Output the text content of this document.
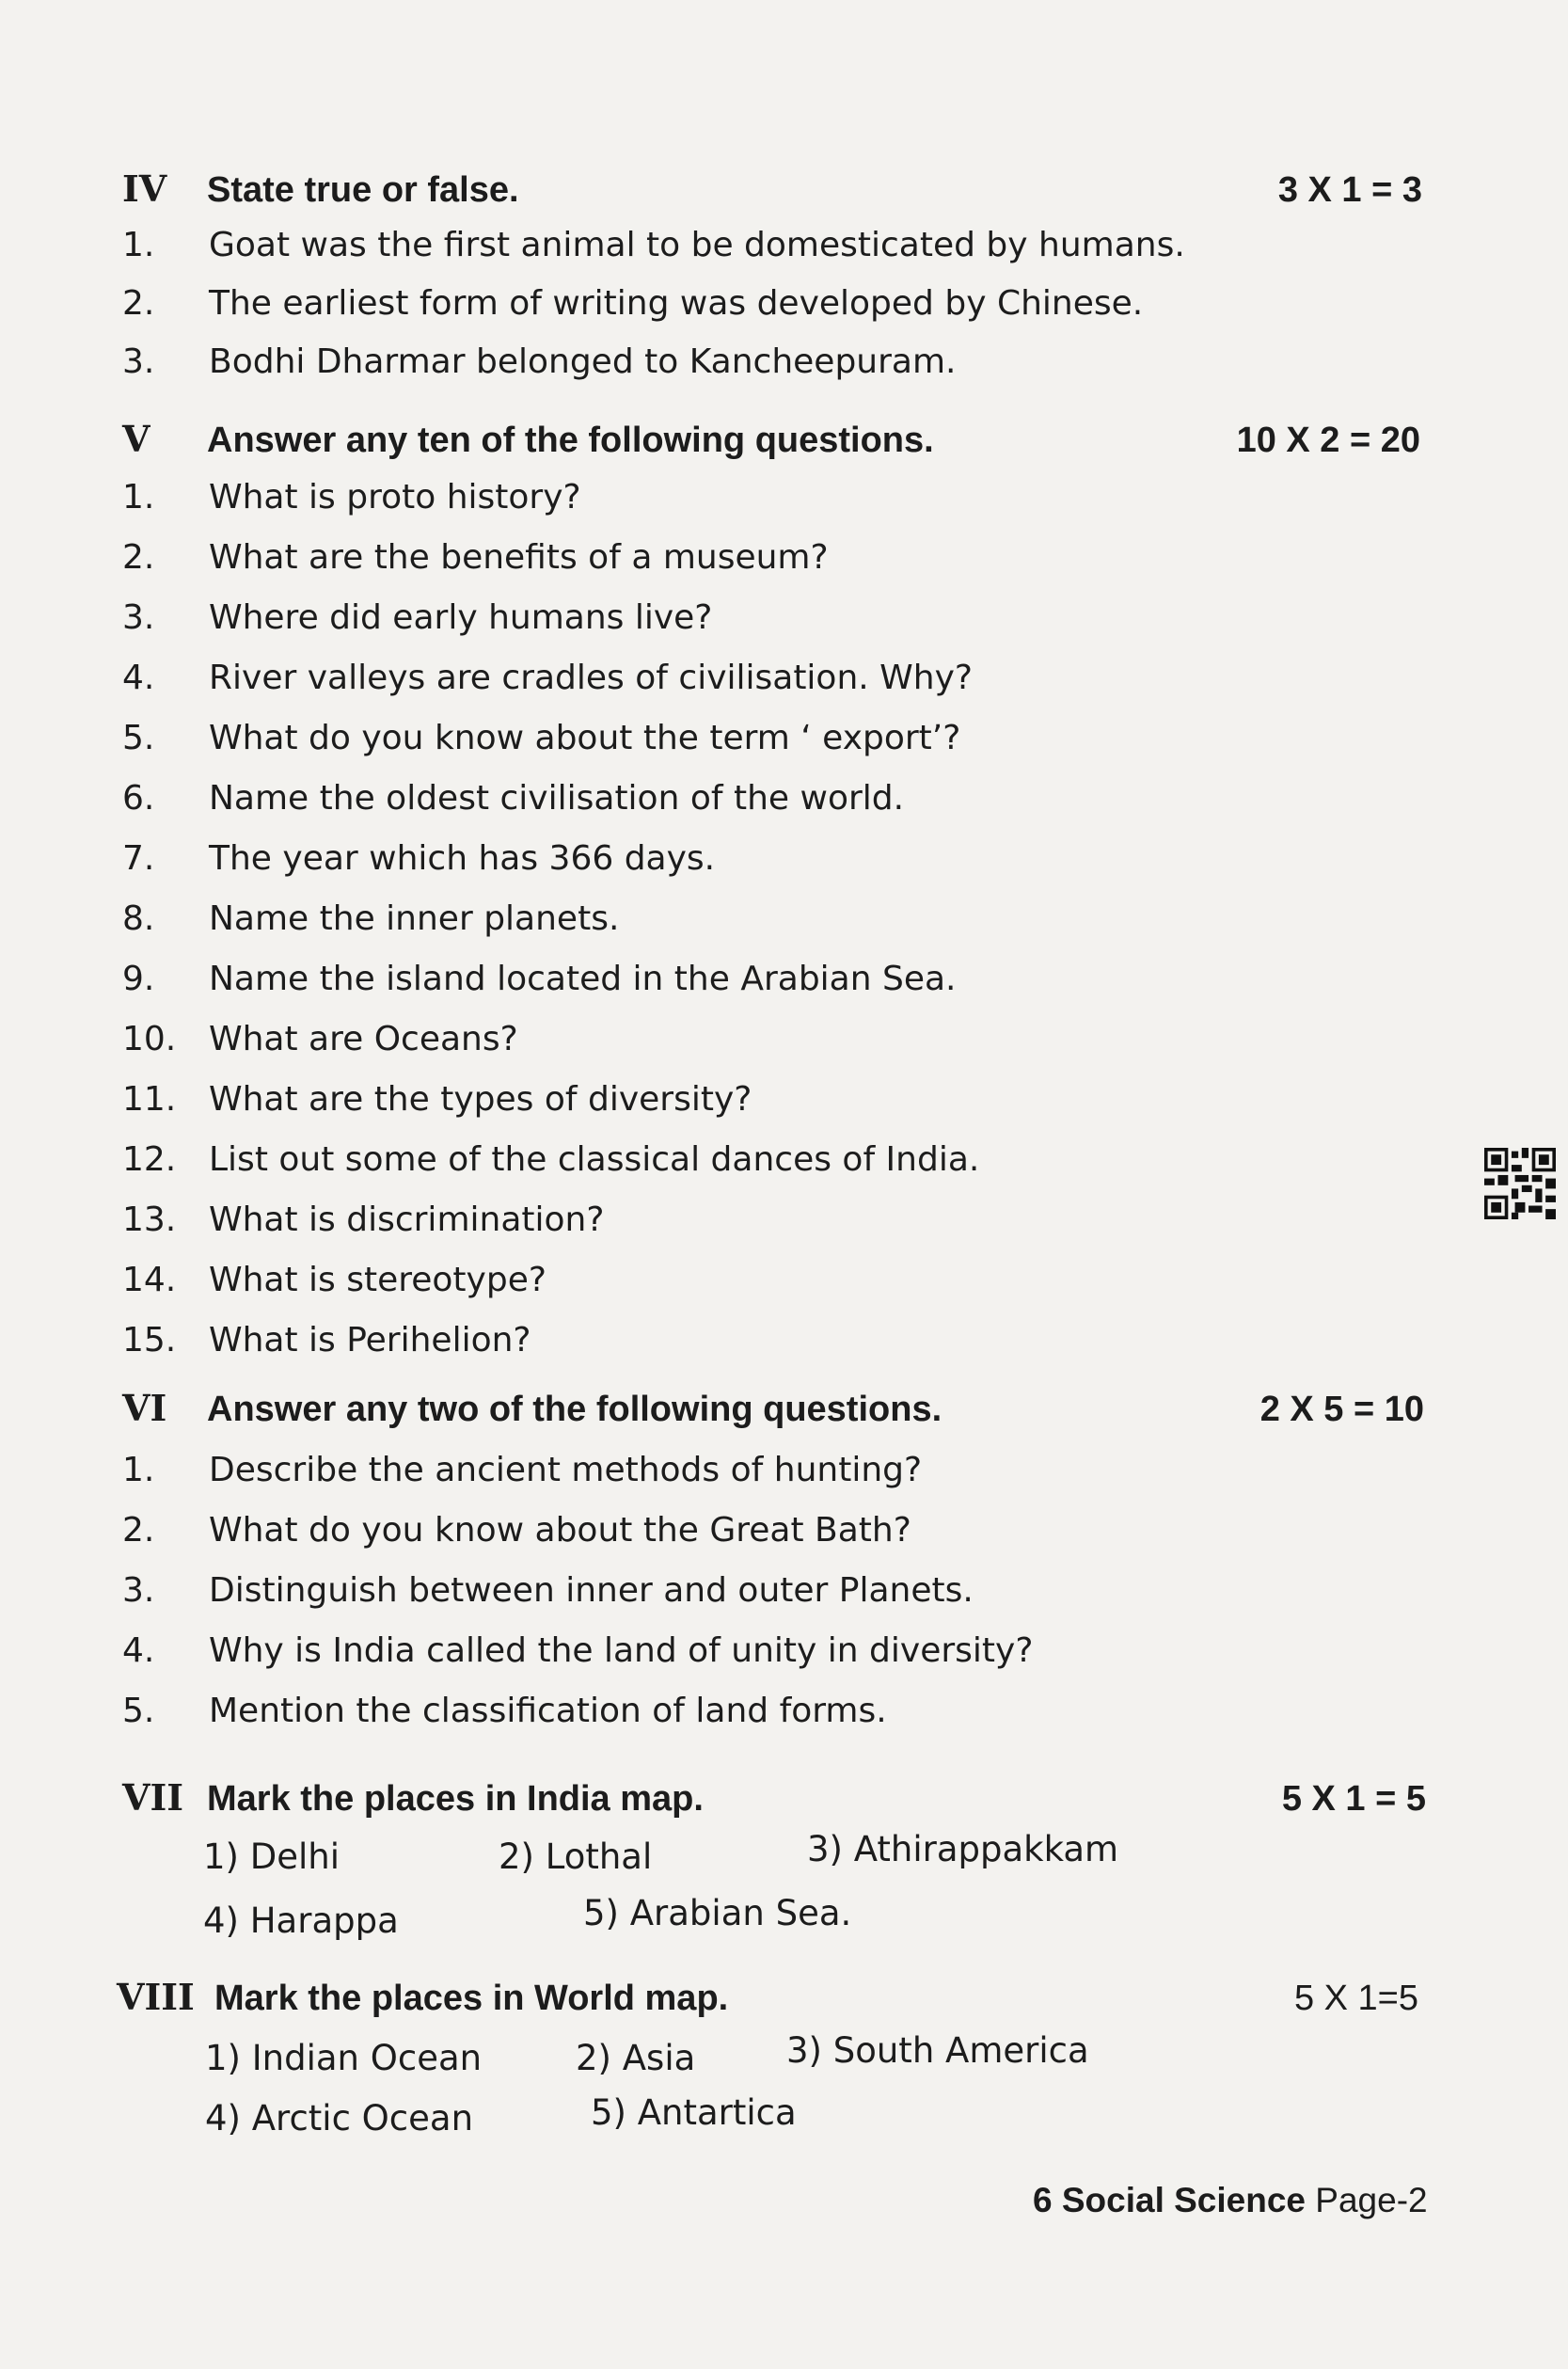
IV	State true or false.	3 X 1 = 3
1.	Goat was the first animal to be domesticated by humans.
2.	The earliest form of writing was developed by Chinese.
3.	Bodhi Dharmar belonged to Kancheepuram.
V	Answer any ten of the following questions.	10 X 2 = 20
1.	What is proto history?
2.	What are the benefits of a museum?
3.	Where did early humans live?
4.	River valleys are cradles of civilisation. Why?
5.	What do you know about the term ‘ export’?
6.	Name the oldest civilisation of the world.
7.	The year which has 366 days.
8.	Name the inner planets.
9.	Name the island located in the Arabian Sea.
10. What are Oceans?
11. What are the types of diversity?
12. List out some of the classical dances of India.
13. What is discrimination?
14. What is stereotype?
15. What is Perihelion?
VI	Answer any two of the following questions.	2 X 5 = 10
1.	Describe the ancient methods of hunting?
2.	What do you know about the Great Bath?
3.	Distinguish between inner and outer Planets.
4.	Why is India called the land of unity in diversity?
5.	Mention the classification of land forms.
VII Mark the places in India map.	5 X 1 = 5
1) Delhi	2) Lothal	3) Athirappakkam
4) Harappa	5) Arabian Sea.
VIII Mark the places in World map.	5 X 1=5
1) Indian Ocean	2) Asia	3) South America
4) Arctic Ocean	5) Antartica
6 Social Science Page-2
